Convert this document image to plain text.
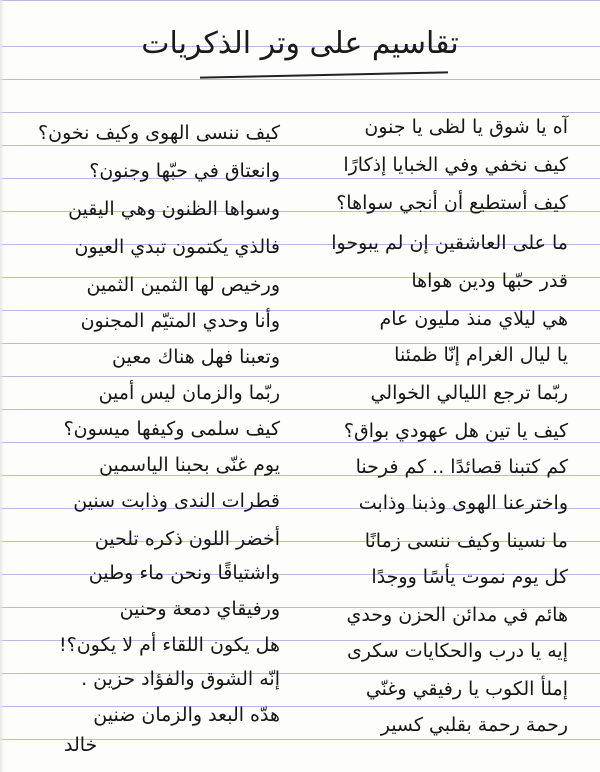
تقاسيم على وتر الذكريات
آه يا شوق يا لظى يا جنون
كيف نخفي وفي الخبايا إذكارًا
كيف أستطيع أن أنجي سواها؟
ما على العاشقين إن لم يبوحوا
قدر حبّها ودين هواها
هي ليلاي منذ مليون عام
يا ليال الغرام إنّا ظمئنا
ربّما ترجع الليالي الخوالي
كيف يا تين هل عهودي بواق؟
كم كتبنا قصائدًا .. كم فرحنا
واخترعنا الهوى وذبنا وذابت
ما نسينا وكيف ننسى زمانًا
كل يوم نموت يأسًا ووجدًا
هائم في مدائن الحزن وحدي
إيه يا درب والحكايات سكرى
إملأ الكوب يا رفيقي وغنّي
رحمة رحمة بقلبي كسير
كيف ننسى الهوى وكيف نخون؟
وانعتاق في حبّها وجنون؟
وسواها الظنون وهي اليقين
فالذي يكتمون تبدي العيون
ورخيص لها الثمين الثمين
وأنا وحدي المتيّم المجنون
وتعبنا فهل هناك معين
ربّما والزمان ليس أمين
كيف سلمى وكيفها ميسون؟
يوم غنّى بحبنا الياسمين
قطرات الندى وذابت سنين
أخضر اللون ذكره تلحين
واشتياقًا ونحن ماء وطين
ورفيقاي دمعة وحنين
هل يكون اللقاء أم لا يكون؟!
إنّه الشوق والفؤاد حزين .
هدّه البعد والزمان ضنين
خالد
